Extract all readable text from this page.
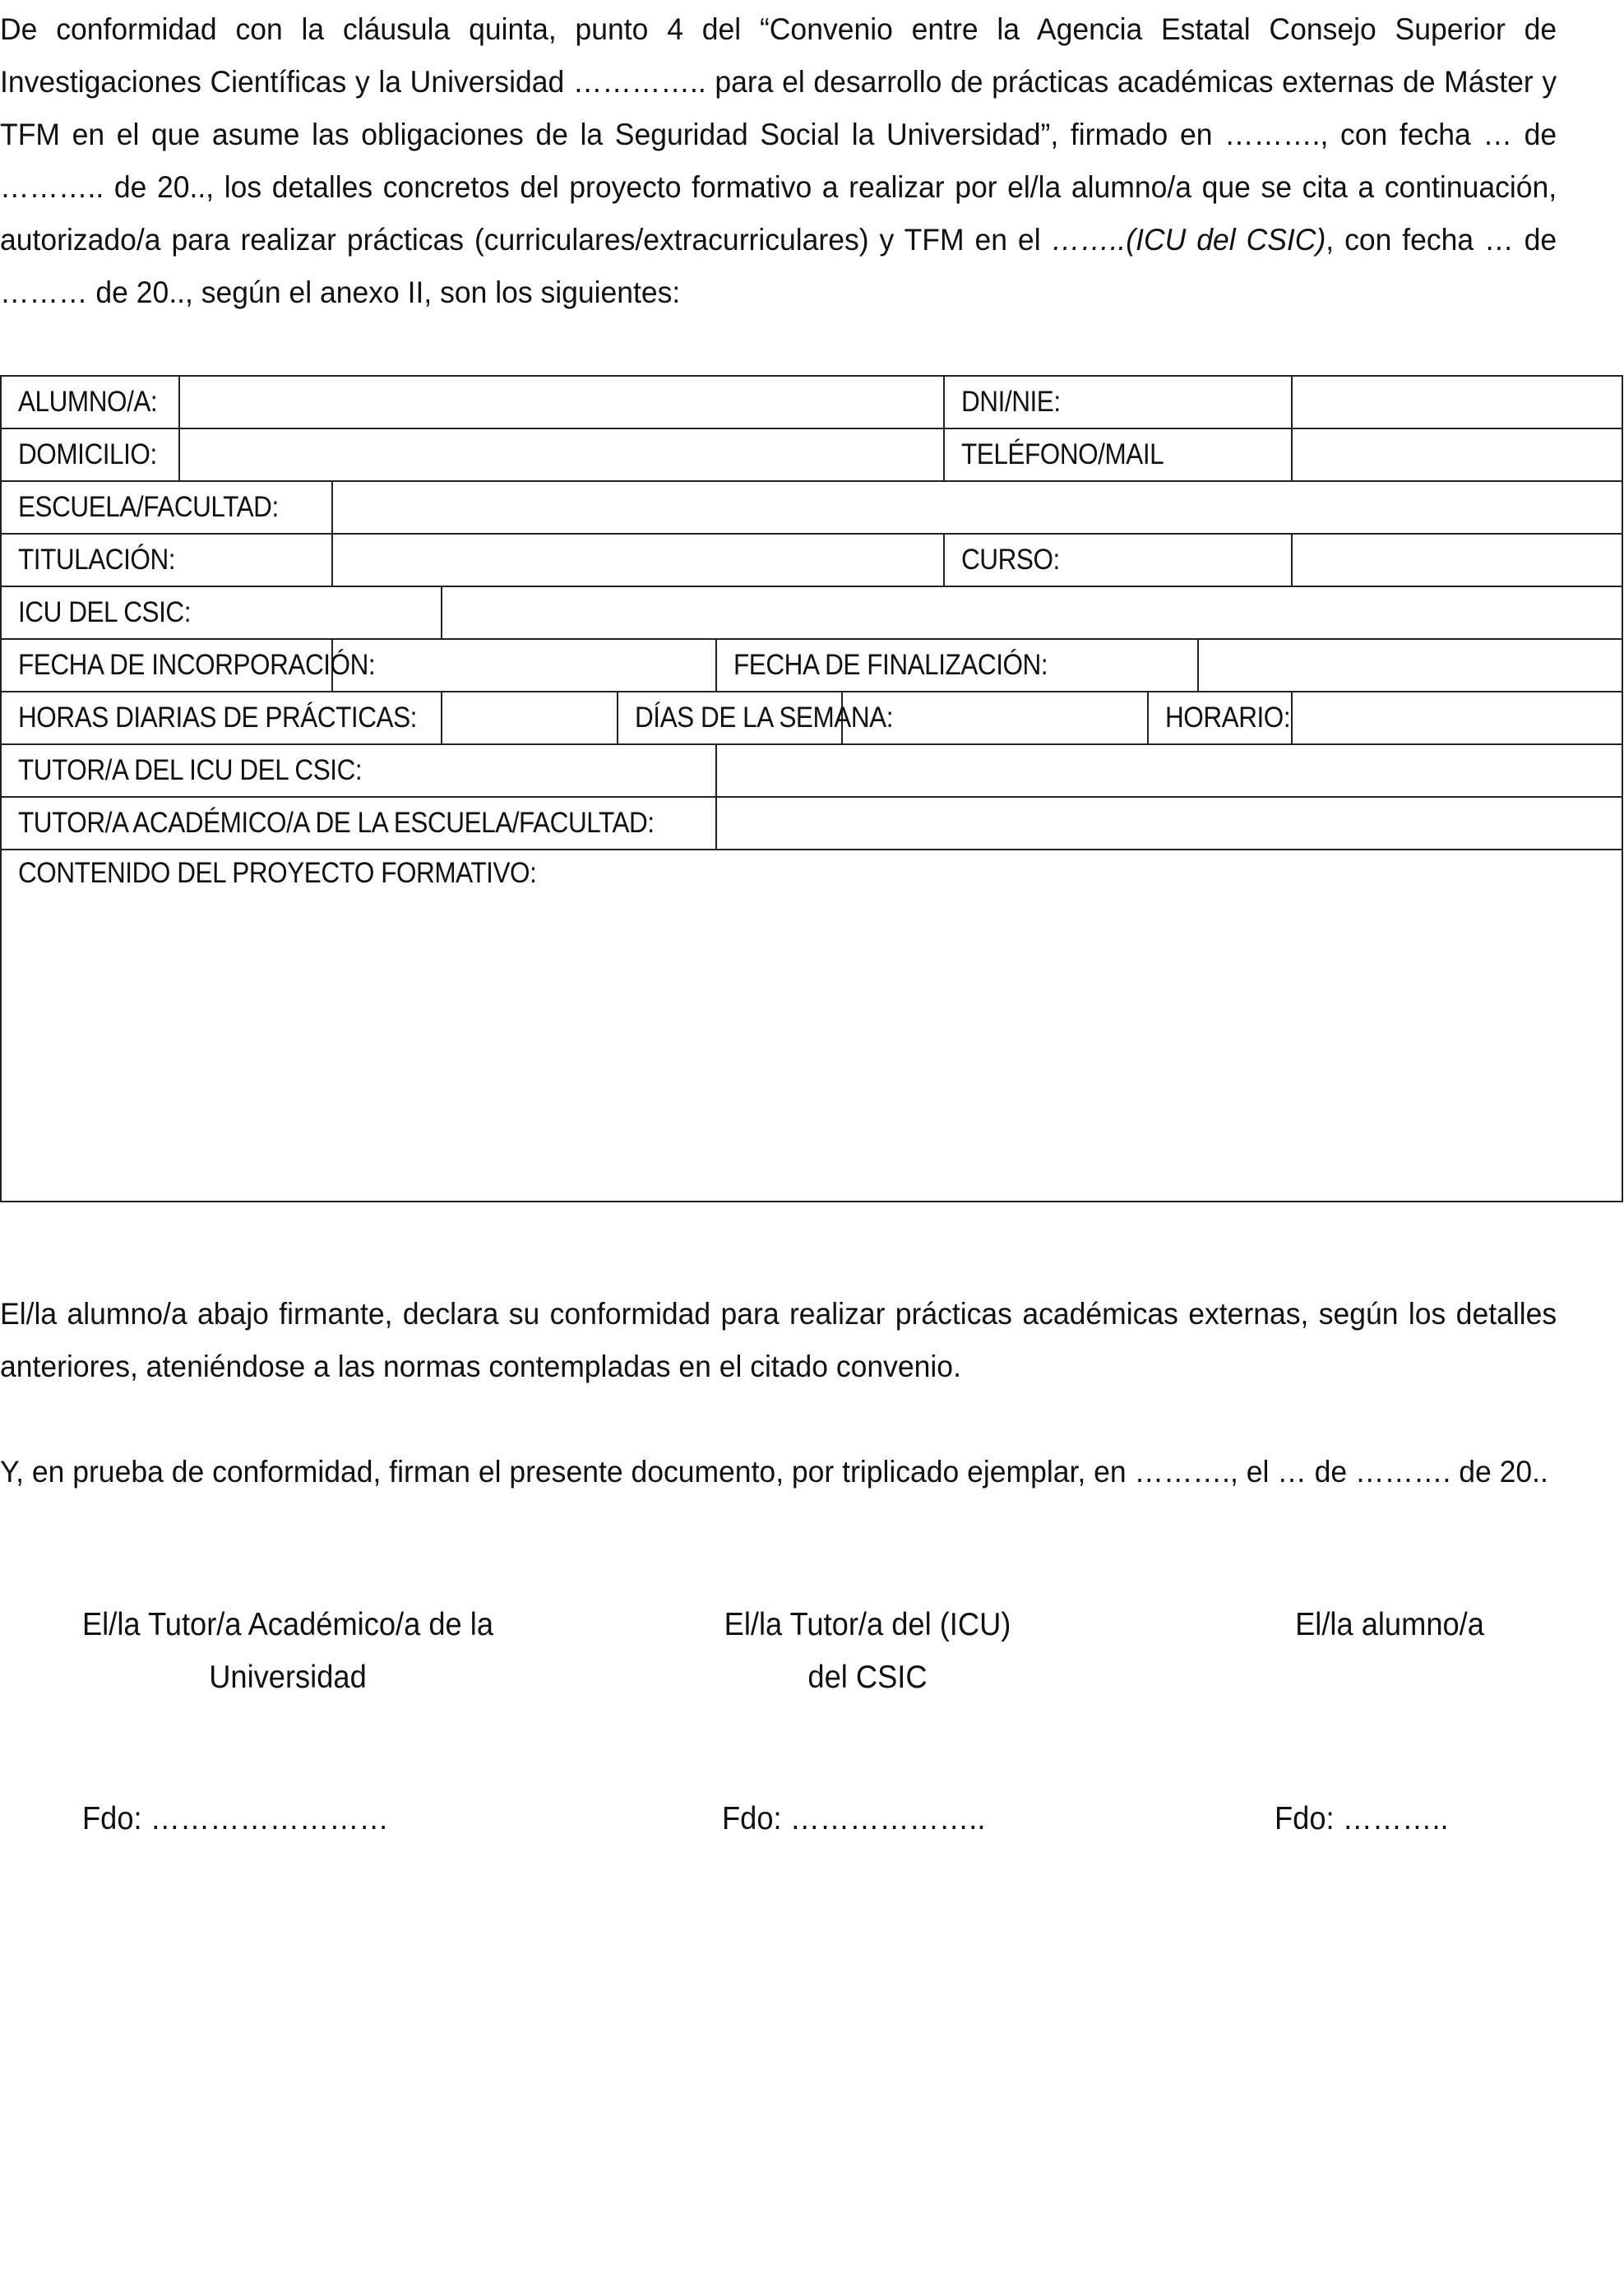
De conformidad con la cláusula quinta, punto 4 del “Convenio entre la Agencia Estatal Consejo Superior de Investigaciones Científicas y la Universidad ………….. para el desarrollo de prácticas académicas externas de Máster y TFM en el que asume las obligaciones de la Seguridad Social la Universidad”, firmado en ………., con fecha … de ……….. de 20.., los detalles concretos del proyecto formativo a realizar por el/la alumno/a que se cita a continuación, autorizado/a para realizar prácticas (curriculares/extracurriculares) y TFM en el ……..(ICU del CSIC), con fecha … de ……… de 20.., según el anexo II, son los siguientes:

ALUMNO/A:							DNI/NIE:			
DOMICILIO:							TELÉFONO/MAIL			
ESCUELA/FACULTAD:										
TITULACIÓN:							CURSO:			
ICU DEL CSIC:										
FECHA DE INCORPORACIÓN:					FECHA DE FINALIZACIÓN:					
HORAS DIARIAS DE PRÁCTICAS:				DÍAS DE LA SEMANA:				HORARIO:		
TUTOR/A DEL ICU DEL CSIC:										
TUTOR/A ACADÉMICO/A DE LA ESCUELA/FACULTAD:										
CONTENIDO DEL PROYECTO FORMATIVO:										

El/la alumno/a abajo firmante, declara su conformidad para realizar prácticas académicas externas, según los detalles anteriores, ateniéndose a las normas contempladas en el citado convenio.

Y, en prueba de conformidad, firman el presente documento, por triplicado ejemplar, en ………., el … de ………. de 20..

El/la Tutor/a Académico/a de la
Universidad
El/la Tutor/a del (ICU)
del CSIC
El/la alumno/a
Fdo: ……………………	Fdo: ………………..	Fdo: ………..
